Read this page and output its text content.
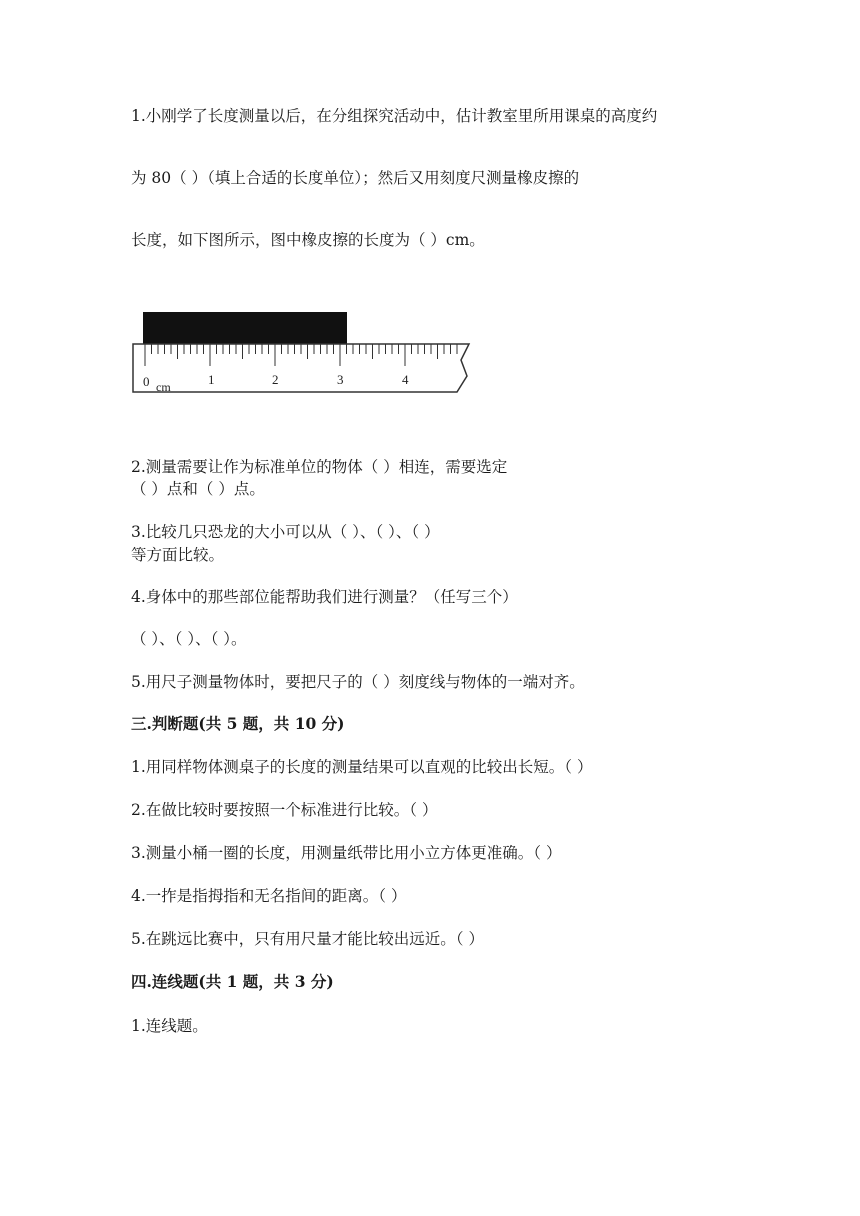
1.小刚学了长度测量以后，在分组探究活动中，估计教室里所用课桌的高度约
为 80（ ）（填上合适的长度单位）；然后又用刻度尺测量橡皮擦的
长度，如下图所示，图中橡皮擦的长度为（ ）cm。
0	1	2	3	4
cm
2.测量需要让作为标准单位的物体（ ）相连，需要选定
（ ）点和（ ）点。
3.比较几只恐龙的大小可以从（ ）、（ ）、（ ）
等方面比较。
4.身体中的那些部位能帮助我们进行测量？（任写三个）
（ ）、（ ）、（ ）。
5.用尺子测量物体时，要把尺子的（ ）刻度线与物体的一端对齐。
三.判断题(共 5 题，共 10 分)
1.用同样物体测桌子的长度的测量结果可以直观的比较出长短。（ ）
2.在做比较时要按照一个标准进行比较。（ ）
3.测量小桶一圈的长度，用测量纸带比用小立方体更准确。（ ）
4.一拃是指拇指和无名指间的距离。（ ）
5.在跳远比赛中，只有用尺量才能比较出远近。（ ）
四.连线题(共 1 题，共 3 分)
1.连线题。
